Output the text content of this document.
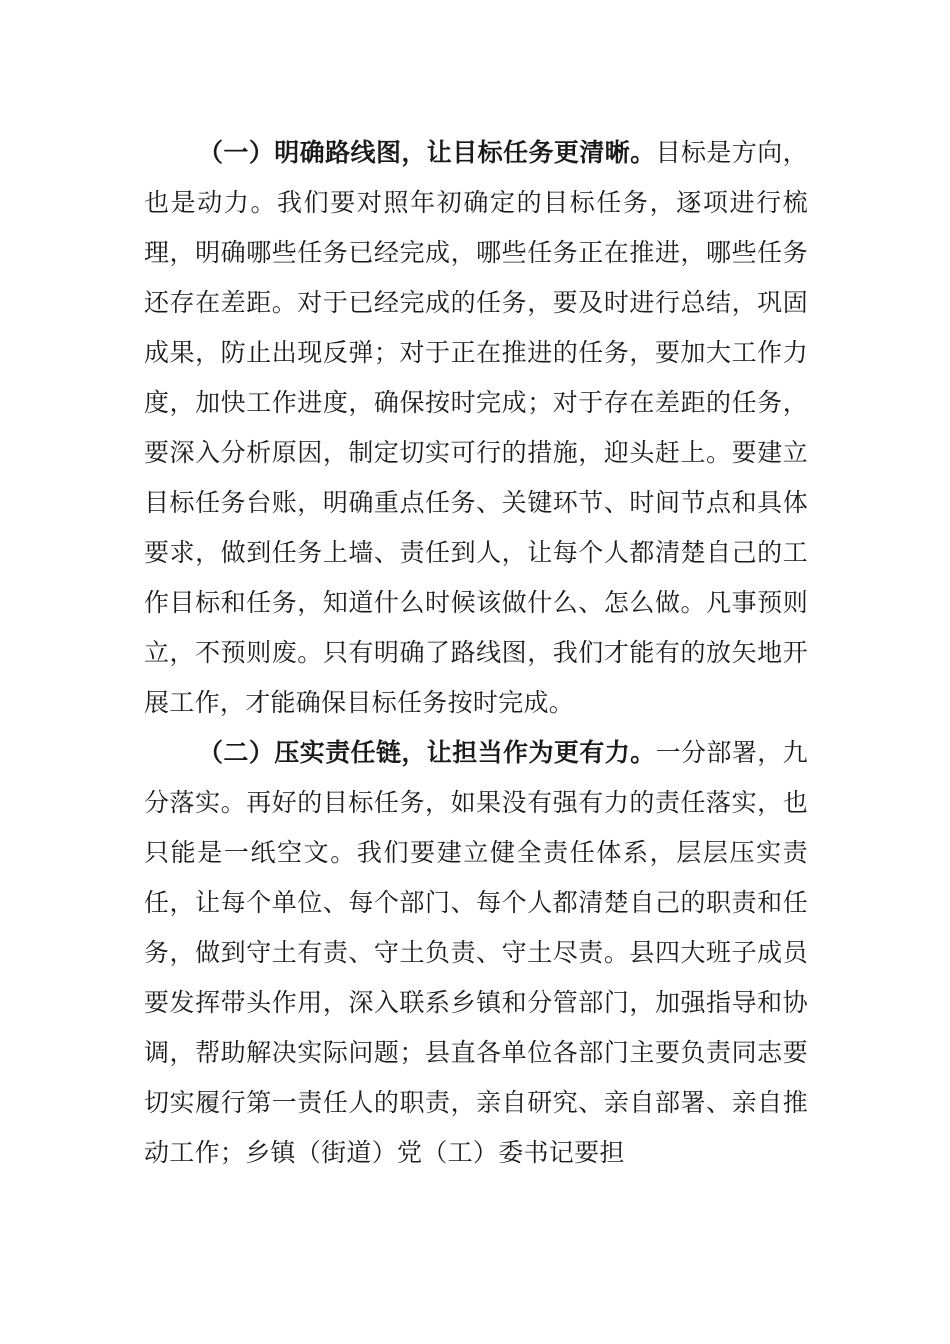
（一）明确路线图，让目标任务更清晰。目标是方向，也是动力。我们要对照年初确定的目标任务，逐项进行梳理，明确哪些任务已经完成，哪些任务正在推进，哪些任务还存在差距。对于已经完成的任务，要及时进行总结，巩固成果，防止出现反弹；对于正在推进的任务，要加大工作力度，加快工作进度，确保按时完成；对于存在差距的任务，要深入分析原因，制定切实可行的措施，迎头赶上。要建立目标任务台账，明确重点任务、关键环节、时间节点和具体要求，做到任务上墙、责任到人，让每个人都清楚自己的工作目标和任务，知道什么时候该做什么、怎么做。凡事预则立，不预则废。只有明确了路线图，我们才能有的放矢地开展工作，才能确保目标任务按时完成。

（二）压实责任链，让担当作为更有力。一分部署，九分落实。再好的目标任务，如果没有强有力的责任落实，也只能是一纸空文。我们要建立健全责任体系，层层压实责任，让每个单位、每个部门、每个人都清楚自己的职责和任务，做到守土有责、守土负责、守土尽责。县四大班子成员要发挥带头作用，深入联系乡镇和分管部门，加强指导和协调，帮助解决实际问题；县直各单位各部门主要负责同志要切实履行第一责任人的职责，亲自研究、亲自部署、亲自推动工作；乡镇（街道）党（工）委书记要担
